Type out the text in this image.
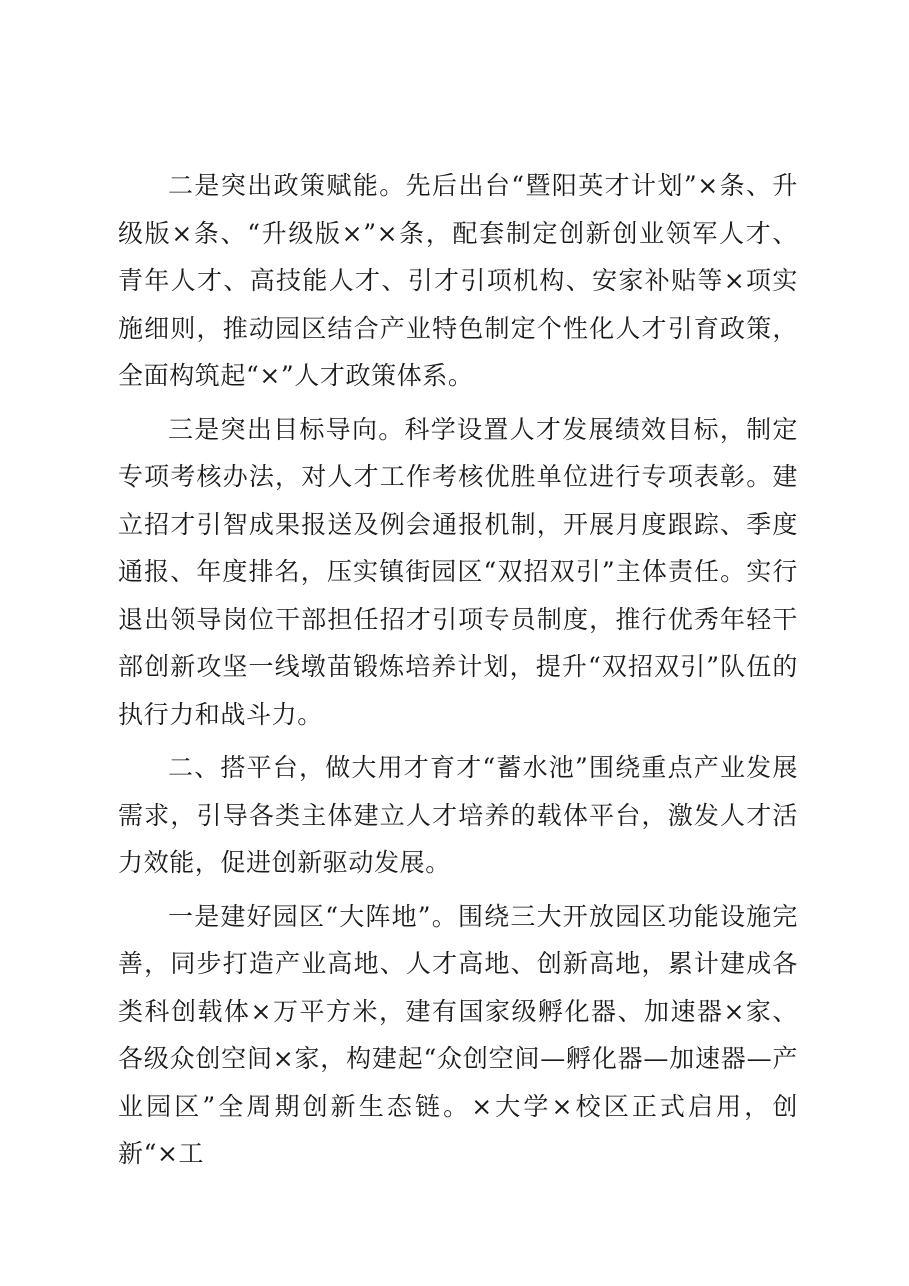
二是突出政策赋能。先后出台“暨阳英才计划”×条、升级版×条、“升级版×”×条，配套制定创新创业领军人才、青年人才、高技能人才、引才引项机构、安家补贴等×项实施细则，推动园区结合产业特色制定个性化人才引育政策，全面构筑起“×”人才政策体系。

三是突出目标导向。科学设置人才发展绩效目标，制定专项考核办法，对人才工作考核优胜单位进行专项表彰。建立招才引智成果报送及例会通报机制，开展月度跟踪、季度通报、年度排名，压实镇街园区“双招双引”主体责任。实行退出领导岗位干部担任招才引项专员制度，推行优秀年轻干部创新攻坚一线墩苗锻炼培养计划，提升“双招双引”队伍的执行力和战斗力。

二、搭平台，做大用才育才“蓄水池”围绕重点产业发展需求，引导各类主体建立人才培养的载体平台，激发人才活力效能，促进创新驱动发展。

一是建好园区“大阵地”。围绕三大开放园区功能设施完善，同步打造产业高地、人才高地、创新高地，累计建成各类科创载体×万平方米，建有国家级孵化器、加速器×家、各级众创空间×家，构建起“众创空间—孵化器—加速器—产业园区”全周期创新生态链。×大学×校区正式启用，创新“×工
